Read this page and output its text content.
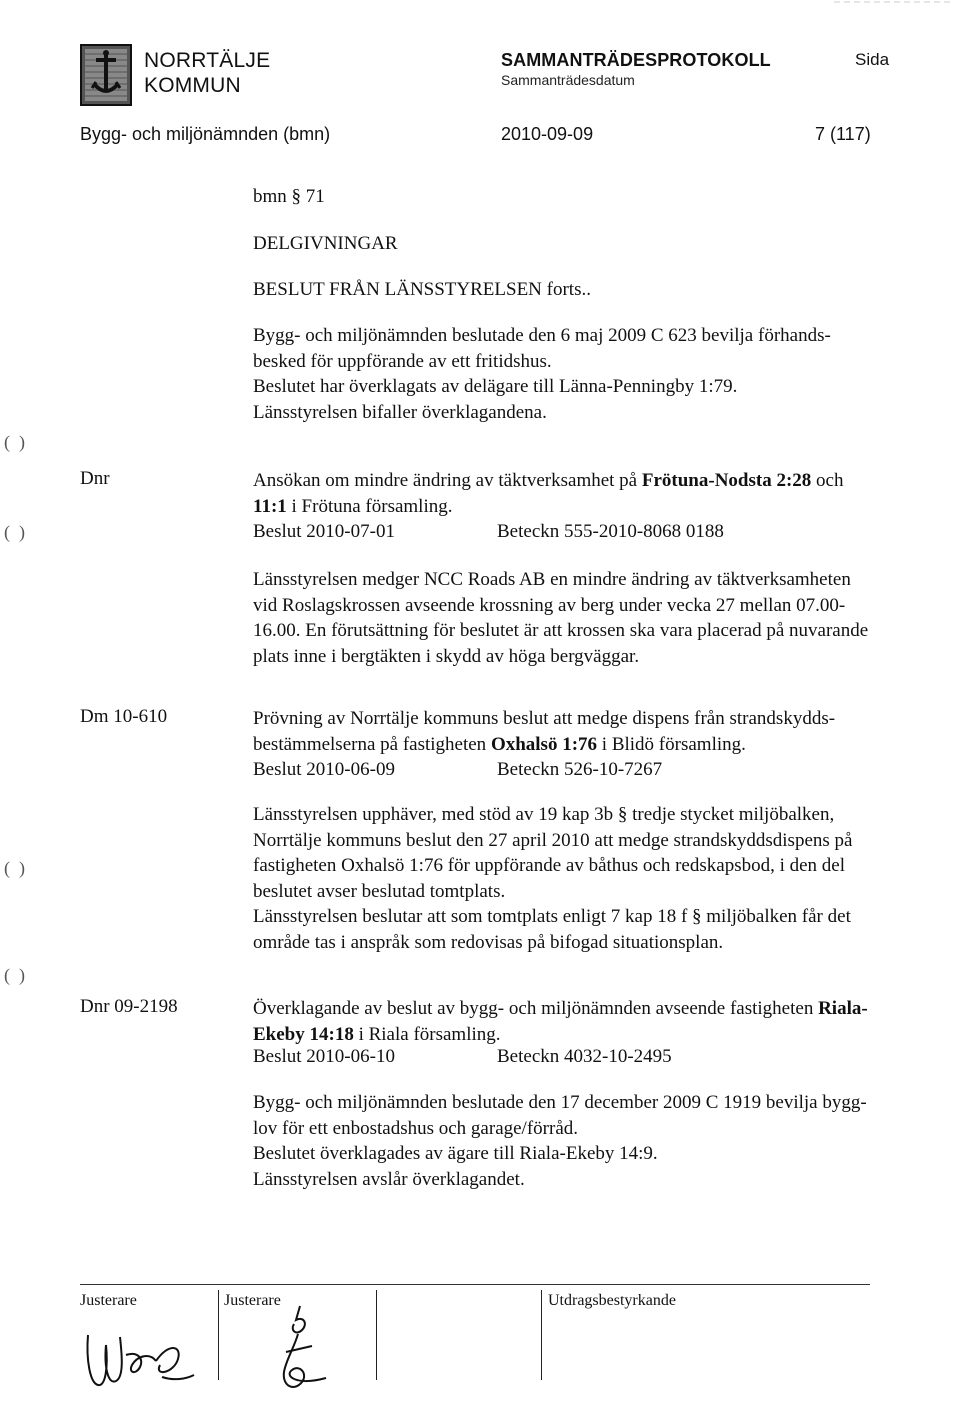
NORRTÄLJE
KOMMUN
SAMMANTRÄDESPROTOKOLL
Sammanträdesdatum
Sida
Bygg- och miljönämnden (bmn)	2010-09-09	7 (117)
bmn § 71
DELGIVNINGAR
BESLUT FRÅN LÄNSSTYRELSEN forts..
Bygg- och miljönämnden beslutade den 6 maj 2009 C 623 bevilja förhands-
besked för uppförande av ett fritidshus.
Beslutet har överklagats av delägare till Länna-Penningby 1:79.
Länsstyrelsen bifaller överklagandena.
(  )
(  )
(  )
(  )
Dnr	Ansökan om mindre ändring av täktverksamhet på Frötuna-Nodsta 2:28 och
11:1 i Frötuna församling.
Beslut 2010-07-01	Beteckn 555-2010-8068 0188
Länsstyrelsen medger NCC Roads AB en mindre ändring av täktverksamheten
vid Roslagskrossen avseende krossning av berg under vecka 27 mellan 07.00-
16.00. En förutsättning för beslutet är att krossen ska vara placerad på nuvarande
plats inne i bergtäkten i skydd av höga bergväggar.
Dm 10-610	Prövning av Norrtälje kommuns beslut att medge dispens från strandskydds-
bestämmelserna på fastigheten Oxhalsö 1:76 i Blidö församling.
Beslut 2010-06-09	Beteckn 526-10-7267
Länsstyrelsen upphäver, med stöd av 19 kap 3b § tredje stycket miljöbalken,
Norrtälje kommuns beslut den 27 april 2010 att medge strandskyddsdispens på
fastigheten Oxhalsö 1:76 för uppförande av båthus och redskapsbod, i den del
beslutet avser beslutad tomtplats.
Länsstyrelsen beslutar att som tomtplats enligt 7 kap 18 f § miljöbalken får det
område tas i anspråk som redovisas på bifogad situationsplan.
Dnr 09-2198	Överklagande av beslut av bygg- och miljönämnden avseende fastigheten Riala-
Ekeby 14:18 i Riala församling.
Beslut 2010-06-10	Beteckn 4032-10-2495
Bygg- och miljönämnden beslutade den 17 december 2009 C 1919 bevilja bygg-
lov för ett enbostadshus och garage/förråd.
Beslutet överklagades av ägare till Riala-Ekeby 14:9.
Länsstyrelsen avslår överklagandet.
Justerare	Justerare	Utdragsbestyrkande
